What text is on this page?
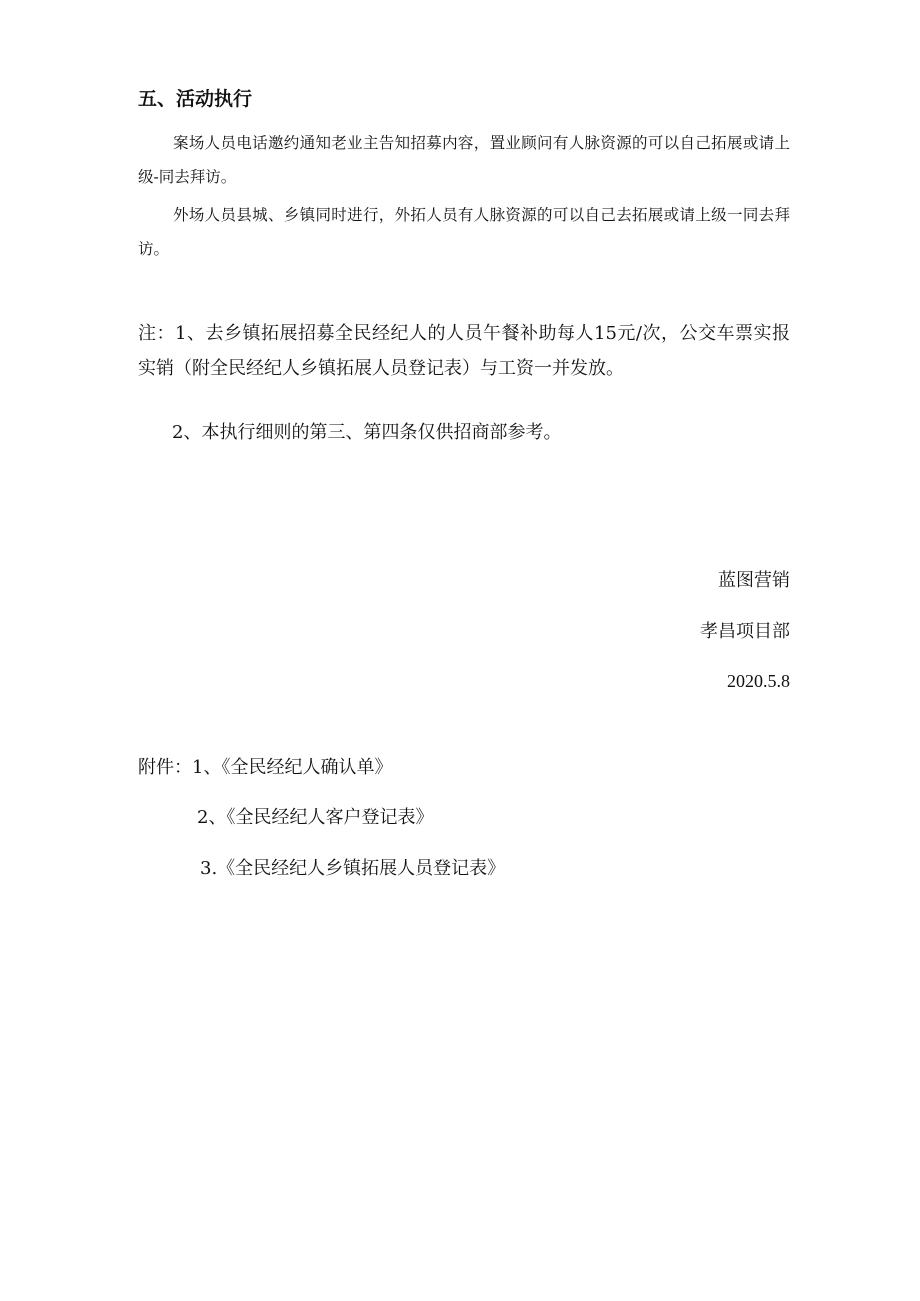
五、活动执行

案场人员电话邀约通知老业主告知招募内容，置业顾问有人脉资源的可以自己拓展或请上级-同去拜访。

外场人员县城、乡镇同时进行，外拓人员有人脉资源的可以自己去拓展或请上级一同去拜访。

注：1、去乡镇拓展招募全民经纪人的人员午餐补助每人15元/次，公交车票实报实销（附全民经纪人乡镇拓展人员登记表）与工资一并发放。

2、本执行细则的第三、第四条仅供招商部参考。

蓝图营销
孝昌项目部
2020.5.8
附件： 1、《全民经纪人确认单》
2、《全民经纪人客户登记表》
3.《全民经纪人乡镇拓展人员登记表》
